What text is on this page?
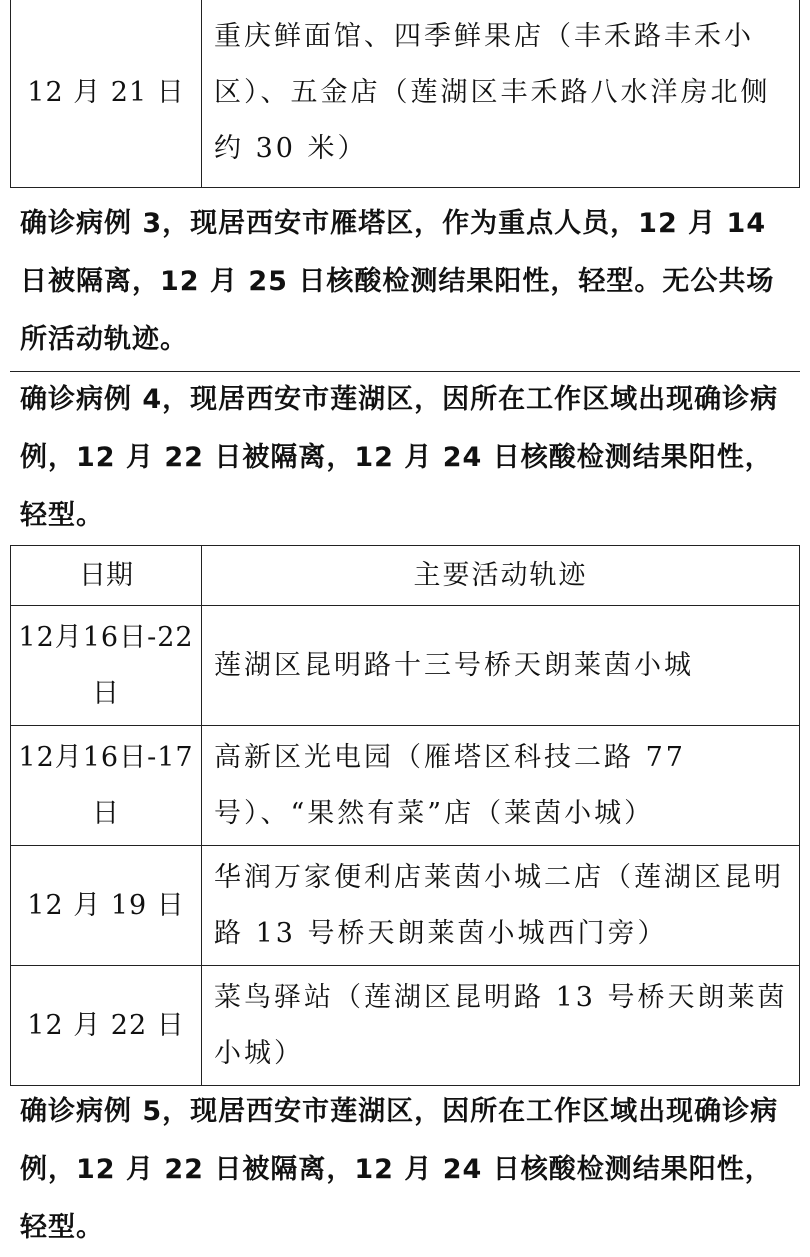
12 月 21 日	重庆鲜面馆、四季鲜果店（丰禾路丰禾小区）、五金店（莲湖区丰禾路八水洋房北侧约 30 米）

确诊病例 3，现居西安市雁塔区，作为重点人员，12 月 14 日被隔离，12 月 25 日核酸检测结果阳性，轻型。无公共场所活动轨迹。

确诊病例 4，现居西安市莲湖区，因所在工作区域出现确诊病例，12 月 22 日被隔离，12 月 24 日核酸检测结果阳性，轻型。

日期	主要活动轨迹
12月16日-22日	莲湖区昆明路十三号桥天朗莱茵小城
12月16日-17日	高新区光电园（雁塔区科技二路 77 号）、“果然有菜”店（莱茵小城）
12 月 19 日	华润万家便利店莱茵小城二店（莲湖区昆明路 13 号桥天朗莱茵小城西门旁）
12 月 22 日	菜鸟驿站（莲湖区昆明路 13 号桥天朗莱茵小城）

确诊病例 5，现居西安市莲湖区，因所在工作区域出现确诊病例，12 月 22 日被隔离，12 月 24 日核酸检测结果阳性，轻型。
